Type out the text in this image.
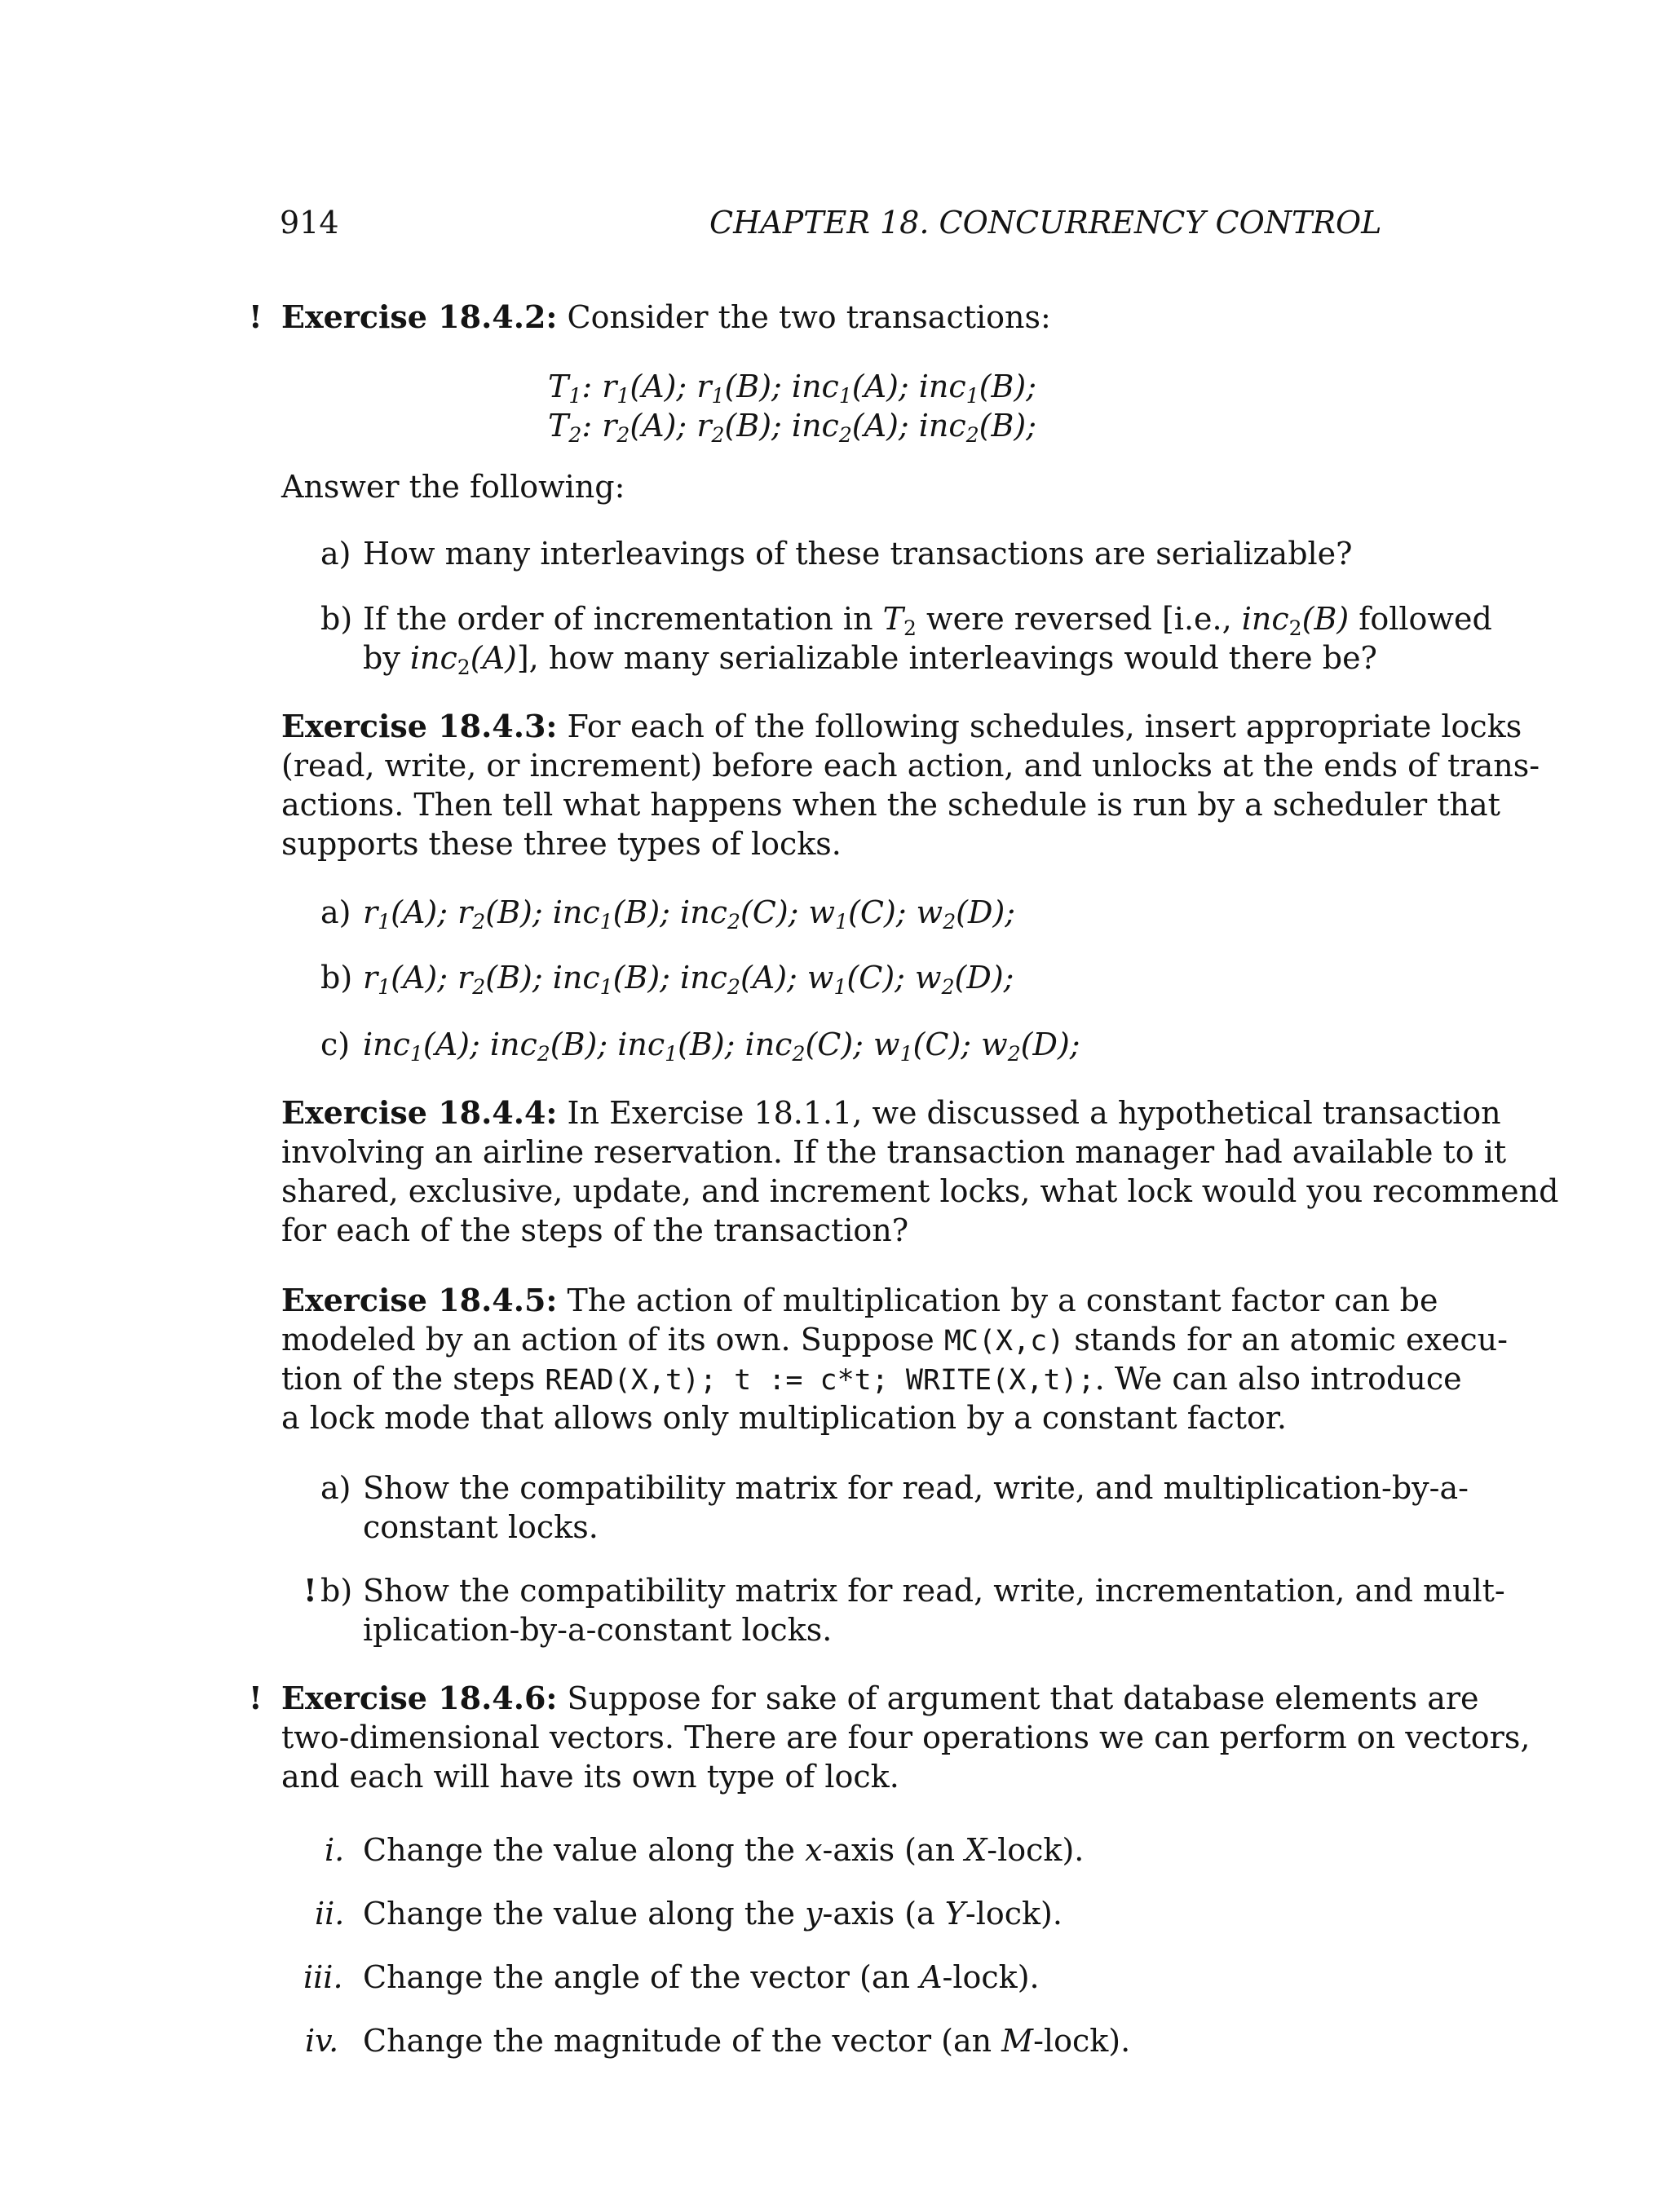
914	CHAPTER 18. CONCURRENCY CONTROL
! Exercise 18.4.2: Consider the two transactions:
$T_1$: $r_1(A)$; $r_1(B)$; inc$_1$(A); inc$_1$(B);
$T_2$: $r_2(A)$; $r_2(B)$; inc$_2$(A); inc$_2$(B);
Answer the following:
a) How many interleavings of these transactions are serializable?
b) If the order of incrementation in $T_2$ were reversed [i.e., inc$_2$(B) followed
by inc$_2$(A)], how many serializable interleavings would there be?
Exercise 18.4.3: For each of the following schedules, insert appropriate locks
(read, write, or increment) before each action, and unlocks at the ends of trans-
actions. Then tell what happens when the schedule is run by a scheduler that
supports these three types of locks.
a) $r_1(A)$; $r_2(B)$; inc$_1$(B); inc$_2$(C); $w_1(C)$; $w_2(D)$;
b) $r_1(A)$; $r_2(B)$; inc$_1$(B); inc$_2$(A); $w_1(C)$; $w_2(D)$;
c) inc$_1$(A); inc$_2$(B); inc$_1$(B); inc$_2$(C); $w_1(C)$; $w_2(D)$;
Exercise 18.4.4: In Exercise 18.1.1, we discussed a hypothetical transaction
involving an airline reservation. If the transaction manager had available to it
shared, exclusive, update, and increment locks, what lock would you recommend
for each of the steps of the transaction?
Exercise 18.4.5: The action of multiplication by a constant factor can be
modeled by an action of its own. Suppose MC(X,c) stands for an atomic execu-
tion of the steps READ(X,t); t := c*t; WRITE(X,t);. We can also introduce
a lock mode that allows only multiplication by a constant factor.
a) Show the compatibility matrix for read, write, and multiplication-by-a-
constant locks.
! b) Show the compatibility matrix for read, write, incrementation, and mult-
iplication-by-a-constant locks.
! Exercise 18.4.6: Suppose for sake of argument that database elements are
two-dimensional vectors. There are four operations we can perform on vectors,
and each will have its own type of lock.
i. Change the value along the x-axis (an X-lock).
ii. Change the value along the y-axis (a Y-lock).
iii. Change the angle of the vector (an A-lock).
iv. Change the magnitude of the vector (an M-lock).
